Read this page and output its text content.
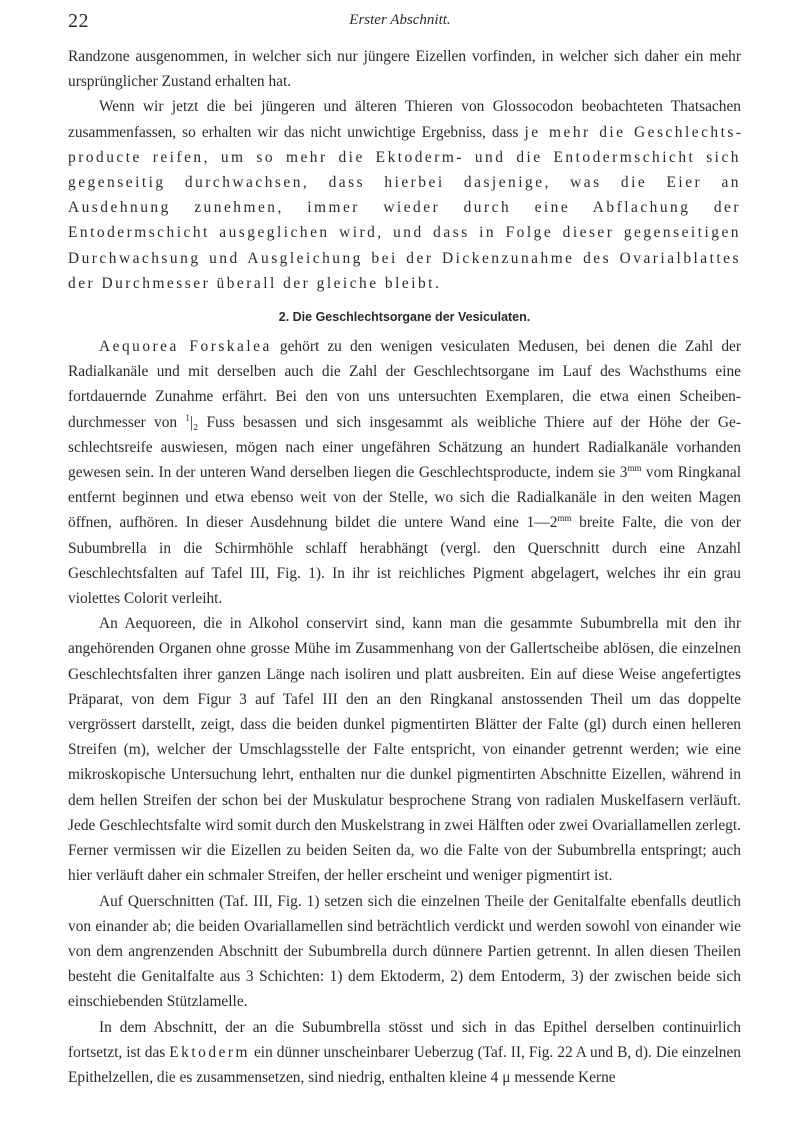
22	Erster Abschnitt.

Randzone ausgenommen, in welcher sich nur jüngere Eizellen vorfinden, in welcher sich daher ein mehr ursprünglicher Zustand erhalten hat.

Wenn wir jetzt die bei jüngeren und älteren Thieren von Glossocodon beobachteten Thatsachen zusammenfassen, so erhalten wir das nicht unwichtige Ergebniss, dass je mehr die Geschlechtsproducte reifen, um so mehr die Ektoderm- und die Entodermschicht sich gegenseitig durchwachsen, dass hierbei dasjenige, was die Eier an Ausdehnung zunehmen, immer wieder durch eine Abflachung der Entodermschicht ausgeglichen wird, und dass in Folge dieser gegenseitigen Durchwachsung und Ausgleichung bei der Dickenzunahme des Ovarialblattes der Durchmesser überall der gleiche bleibt.

2. Die Geschlechtsorgane der Vesiculaten.

Aequorea Forskalea gehört zu den wenigen vesiculaten Medusen, bei denen die Zahl der Radialkanäle und mit derselben auch die Zahl der Geschlechtsorgane im Lauf des Wachsthums eine fortdauernde Zunahme erfährt. Bei den von uns untersuchten Exemplaren, die etwa einen Scheibendurchmesser von $^1$|₂ Fuss besassen und sich insgesammt als weibliche Thiere auf der Höhe der Geschlechtsreife auswiesen, mögen nach einer ungefähren Schätzung an hundert Radialkanäle vorhanden gewesen sein. In der unteren Wand derselben liegen die Geschlechtsproducte, indem sie $3^{mm}$ vom Ringkanal entfernt beginnen und etwa ebenso weit von der Stelle, wo sich die Radialkanäle in den weiten Magen öffnen, aufhören. In dieser Ausdehnung bildet die untere Wand eine $1—2^{mm}$ breite Falte, die von der Subumbrella in die Schirmhöhle schlaff herabhängt (vergl. den Querschnitt durch eine Anzahl Geschlechtsfalten auf Tafel III, Fig. 1). In ihr ist reichliches Pigment abgelagert, welches ihr ein grau violettes Colorit verleiht.

An Aequoreen, die in Alkohol conservirt sind, kann man die gesammte Subumbrella mit den ihr angehörenden Organen ohne grosse Mühe im Zusammenhang von der Gallertscheibe ablösen, die einzelnen Geschlechtsfalten ihrer ganzen Länge nach isoliren und platt ausbreiten. Ein auf diese Weise angefertigtes Präparat, von dem Figur 3 auf Tafel III den an den Ringkanal anstossenden Theil um das doppelte vergrössert darstellt, zeigt, dass die beiden dunkel pigmentirten Blätter der Falte (gl) durch einen helleren Streifen (m), welcher der Umschlagsstelle der Falte entspricht, von einander getrennt werden; wie eine mikroskopische Untersuchung lehrt, enthalten nur die dunkel pigmentirten Abschnitte Eizellen, während in dem hellen Streifen der schon bei der Muskulatur besprochene Strang von radialen Muskelfasern verläuft. Jede Geschlechtsfalte wird somit durch den Muskelstrang in zwei Hälften oder zwei Ovariallamellen zerlegt. Ferner vermissen wir die Eizellen zu beiden Seiten da, wo die Falte von der Subumbrella entspringt; auch hier verläuft daher ein schmaler Streifen, der heller erscheint und weniger pigmentirt ist.

Auf Querschnitten (Taf. III, Fig. 1) setzen sich die einzelnen Theile der Genitalfalte ebenfalls deutlich von einander ab; die beiden Ovariallamellen sind beträchtlich verdickt und werden sowohl von einander wie von dem angrenzenden Abschnitt der Subumbrella durch dünnere Partien getrennt. In allen diesen Theilen besteht die Genitalfalte aus 3 Schichten: 1) dem Ektoderm, 2) dem Entoderm, 3) der zwischen beide sich einschiebenden Stützlamelle.

In dem Abschnitt, der an die Subumbrella stösst und sich in das Epithel derselben continuirlich fortsetzt, ist das Ektoderm ein dünner unscheinbarer Ueberzug (Taf. II, Fig. 22 A und B, d). Die einzelnen Epithelzellen, die es zusammensetzen, sind niedrig, enthalten kleine 4 μ messende Kerne
